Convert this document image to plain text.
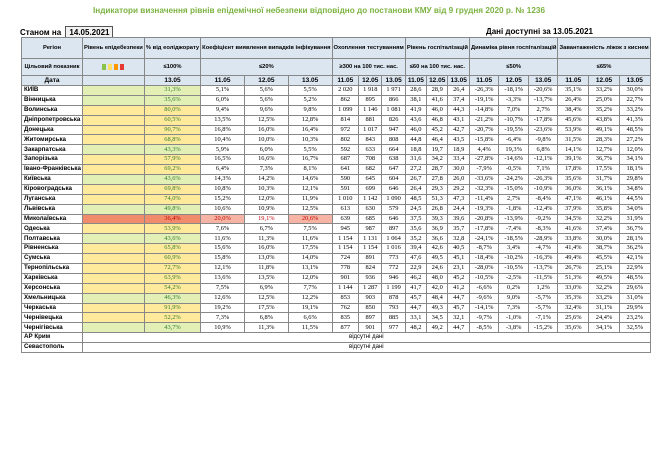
Індикатори визначення рівнів епідемічної небезпеки відповідно до постанови КМУ від 9 грудня 2020 р. № 1236
Станом на 14.05.2021	Дані доступні за 13.05.2021
Регіон	Рівень епідебезпеки	% від еоліджорату	Коефіцієнт виявлення випадків інфікування			Охоплення тестуванням			Рівень госпіталізацій			Динаміка рівня госпіталізацій			Завантаженість ліжок з киснем		
Цільовий показник		≤100%	≤20%			≥300 на 100 тис. нас.			≤60 на 100 тис. нас.			≤50%			≤65%		
Дата		13.05	11.05	12.05	13.05	11.05	12.05	13.05	11.05	12.05	13.05	11.05	12.05	13.05	11.05	12.05	13.05
КИЇВ		31,3%	5,1%	5,6%	5,5%	2 020	1 918	1 971	28,6	28,9	26,4	-26,3%	-18,1%	-20,6%	35,1%	33,2%	30,0%
Вінницька		35,6%	6,0%	5,6%	5,2%	862	895	866	38,1	41,6	37,4	-19,1%	-3,3%	-13,7%	26,4%	25,0%	22,7%
Волинська		80,0%	9,4%	9,6%	9,8%	1 099	1 146	1 081	41,9	46,0	44,3	-14,8%	7,0%	2,7%	38,4%	35,2%	33,2%
Дніпропетровська		60,5%	13,5%	12,5%	12,8%	814	881	826	43,6	46,8	43,1	-21,2%	-10,7%	-17,8%	45,6%	43,8%	41,3%
Донецька		90,7%	16,8%	16,0%	16,4%	972	1 017	947	46,0	45,2	42,7	-20,7%	-19,5%	-23,6%	53,9%	49,1%	48,5%
Житомирська		68,8%	10,4%	10,0%	10,3%	802	843	808	44,8	46,4	43,5	-15,8%	-6,4%	-9,8%	31,5%	28,3%	27,2%
Закарпатська		43,3%	5,9%	6,0%	5,5%	592	633	664	18,8	19,7	18,9	4,4%	19,3%	6,8%	14,1%	12,7%	12,0%
Запорізька		57,9%	16,5%	16,6%	16,7%	687	708	638	31,6	34,2	33,4	-27,8%	-14,6%	-12,1%	39,1%	36,7%	34,1%
Івано-Франківська		69,2%	6,4%	7,3%	8,1%	641	682	647	27,2	28,7	30,0	-7,9%	-0,5%	7,1%	17,8%	17,5%	18,1%
Київська		43,6%	14,3%	14,2%	14,6%	590	645	604	26,7	27,8	26,0	-33,6%	-24,2%	-26,3%	35,6%	31,7%	29,8%
Кіровоградська		69,8%	10,8%	10,3%	12,1%	591	699	646	26,4	29,3	29,2	-32,3%	-15,0%	-10,9%	36,0%	36,1%	34,8%
Луганська		74,0%	15,2%	12,0%	11,9%	1 010	1 142	1 090	48,5	51,3	47,3	-11,4%	2,7%	-8,4%	47,1%	46,1%	44,5%
Львівська		49,8%	10,6%	10,9%	12,5%	613	630	579	24,5	26,8	24,4	-19,3%	-1,8%	-12,4%	37,9%	35,8%	34,0%
Миколаївська		36,4%	20,0%	19,1%	20,6%	639	685	646	37,5	39,3	39,6	-20,8%	-13,9%	-9,2%	34,5%	32,2%	31,9%
Одеська		53,9%	7,6%	6,7%	7,5%	945	987	897	35,6	36,9	35,7	-17,8%	-7,4%	-8,3%	41,6%	37,4%	36,7%
Полтавська		43,6%	11,6%	11,3%	11,6%	1 154	1 131	1 064	35,2	36,6	32,8	-24,1%	-18,5%	-28,9%	33,8%	30,0%	28,1%
Рівненська		65,8%	15,6%	16,0%	17,5%	1 154	1 154	1 016	39,4	42,6	40,5	-8,7%	3,4%	-4,7%	41,4%	38,7%	36,2%
Сумська		60,9%	15,8%	13,0%	14,0%	724	891	773	47,6	49,5	45,1	-18,4%	-10,2%	-16,3%	49,4%	45,5%	42,1%
Тернопільська		72,7%	12,1%	11,8%	13,1%	778	824	772	22,9	24,6	23,1	-28,0%	-10,5%	-13,7%	26,7%	25,1%	22,9%
Харківська		63,9%	13,6%	13,5%	12,0%	901	936	946	46,2	48,0	45,2	-10,5%	-2,5%	-11,5%	51,3%	49,5%	48,5%
Херсонська		54,2%	7,5%	6,9%	7,7%	1 144	1 287	1 199	41,7	42,0	41,2	-6,6%	0,2%	1,2%	33,0%	32,2%	29,6%
Хмельницька		46,3%	12,6%	12,5%	12,2%	853	903	878	45,7	48,4	44,7	-9,6%	9,0%	-5,7%	35,3%	33,2%	31,0%
Черкаська		91,9%	19,2%	17,5%	19,1%	762	850	793	44,7	49,3	45,7	-14,1%	7,3%	-5,7%	32,4%	31,1%	29,9%
Чернівецька		52,2%	7,3%	6,8%	6,6%	835	897	885	33,1	34,5	32,1	-9,7%	-1,0%	-7,1%	25,6%	24,4%	23,2%
Чернігівська		43,7%	10,9%	11,3%	11,5%	877	901	977	48,2	49,2	44,7	-8,5%	-3,8%	-15,2%	35,6%	34,1%	32,5%
АР Крим	відсутні дані																
Севастополь	відсутні дані																
